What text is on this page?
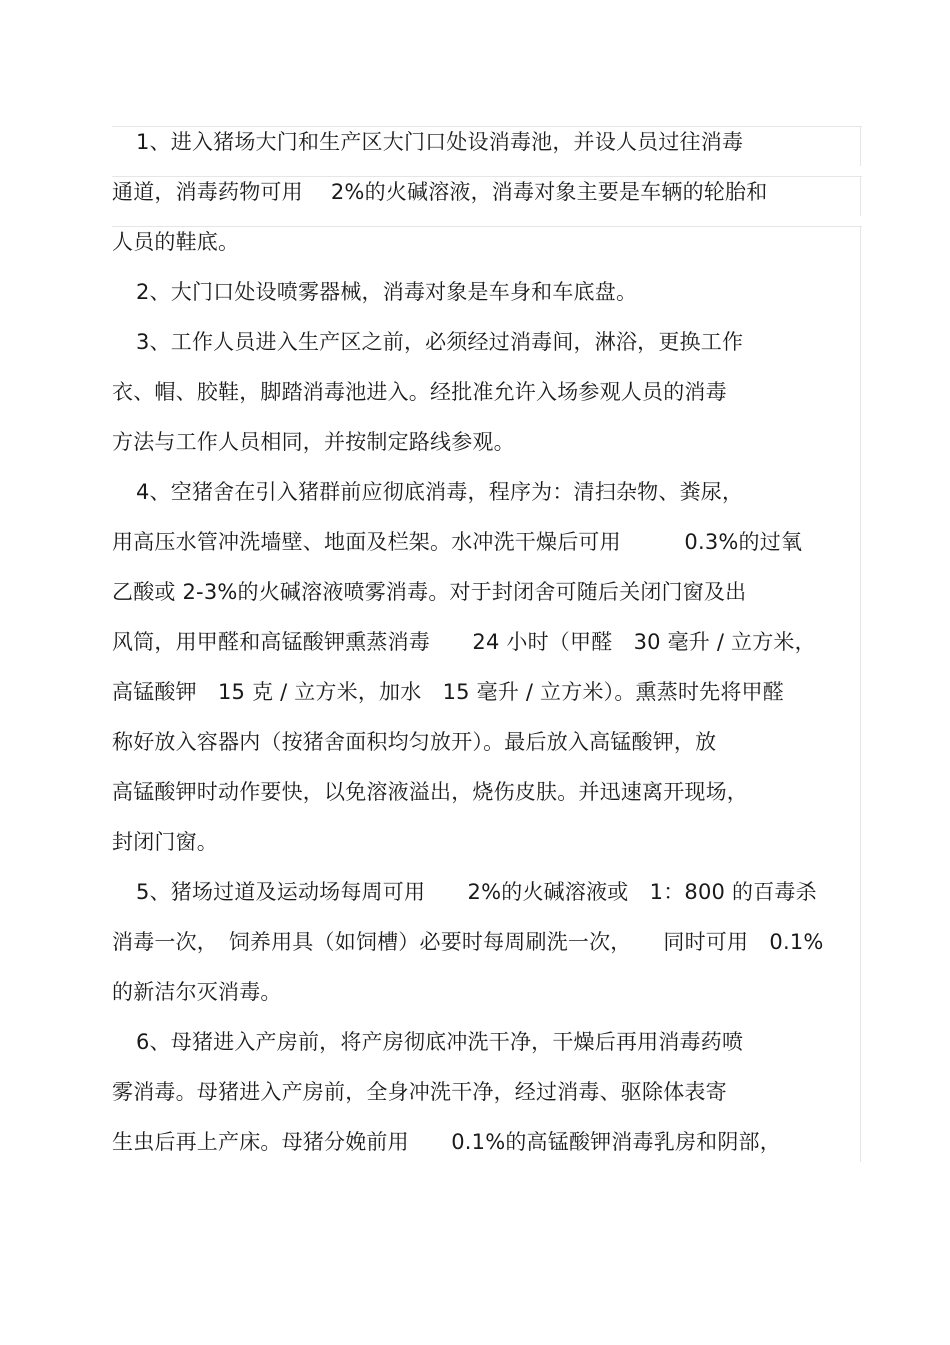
1、进入猪场大门和生产区大门口处设消毒池，并设人员过往消毒
通道，消毒药物可用　 2%的火碱溶液，消毒对象主要是车辆的轮胎和
人员的鞋底。
2、大门口处设喷雾器械，消毒对象是车身和车底盘。
3、工作人员进入生产区之前，必须经过消毒间，淋浴，更换工作
衣、帽、胶鞋，脚踏消毒池进入。经批准允许入场参观人员的消毒
方法与工作人员相同，并按制定路线参观。
4、空猪舍在引入猪群前应彻底消毒，程序为：清扫杂物、粪尿，
用高压水管冲洗墙壁、地面及栏架。水冲洗干燥后可用　　　0.3%的过氧
乙酸或 2-3%的火碱溶液喷雾消毒。对于封闭舍可随后关闭门窗及出
风筒，用甲醛和高锰酸钾熏蒸消毒　　24 小时（甲醛　30 毫升 / 立方米，
高锰酸钾　15 克 / 立方米，加水　15 毫升 / 立方米）。熏蒸时先将甲醛
称好放入容器内（按猪舍面积均匀放开）。最后放入高锰酸钾，放
高锰酸钾时动作要快，以免溶液溢出，烧伤皮肤。并迅速离开现场，
封闭门窗。
5、猪场过道及运动场每周可用　　2%的火碱溶液或　1：800 的百毒杀
消毒一次，　饲养用具（如饲槽）必要时每周刷洗一次，　　同时可用　0.1%
的新洁尔灭消毒。
6、母猪进入产房前，将产房彻底冲洗干净，干燥后再用消毒药喷
雾消毒。母猪进入产房前，全身冲洗干净，经过消毒、驱除体表寄
生虫后再上产床。母猪分娩前用　　0.1%的高锰酸钾消毒乳房和阴部，
